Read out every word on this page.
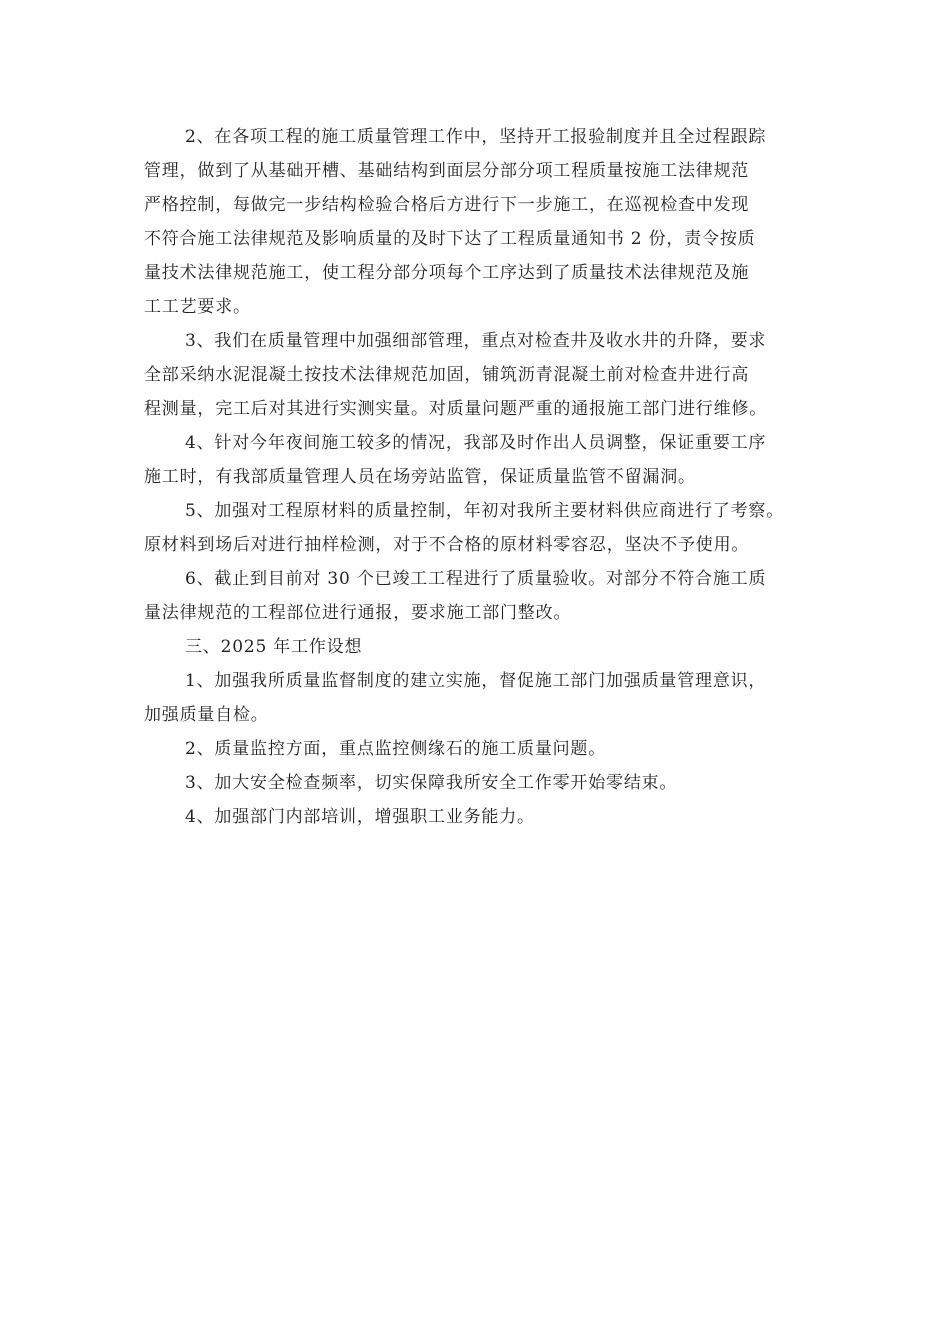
2、在各项工程的施工质量管理工作中，坚持开工报验制度并且全过程跟踪
管理，做到了从基础开槽、基础结构到面层分部分项工程质量按施工法律规范
严格控制，每做完一步结构检验合格后方进行下一步施工，在巡视检查中发现
不符合施工法律规范及影响质量的及时下达了工程质量通知书 2 份，责令按质
量技术法律规范施工，使工程分部分项每个工序达到了质量技术法律规范及施
工工艺要求。
3、我们在质量管理中加强细部管理，重点对检查井及收水井的升降，要求
全部采纳水泥混凝土按技术法律规范加固，铺筑沥青混凝土前对检查井进行高
程测量，完工后对其进行实测实量。对质量问题严重的通报施工部门进行维修。
4、针对今年夜间施工较多的情况，我部及时作出人员调整，保证重要工序
施工时，有我部质量管理人员在场旁站监管，保证质量监管不留漏洞。
5、加强对工程原材料的质量控制，年初对我所主要材料供应商进行了考察。
原材料到场后对进行抽样检测，对于不合格的原材料零容忍，坚决不予使用。
6、截止到目前对 30 个已竣工工程进行了质量验收。对部分不符合施工质
量法律规范的工程部位进行通报，要求施工部门整改。
三、2025 年工作设想
1、加强我所质量监督制度的建立实施，督促施工部门加强质量管理意识，
加强质量自检。
2、质量监控方面，重点监控侧缘石的施工质量问题。
3、加大安全检查频率，切实保障我所安全工作零开始零结束。
4、加强部门内部培训，增强职工业务能力。
